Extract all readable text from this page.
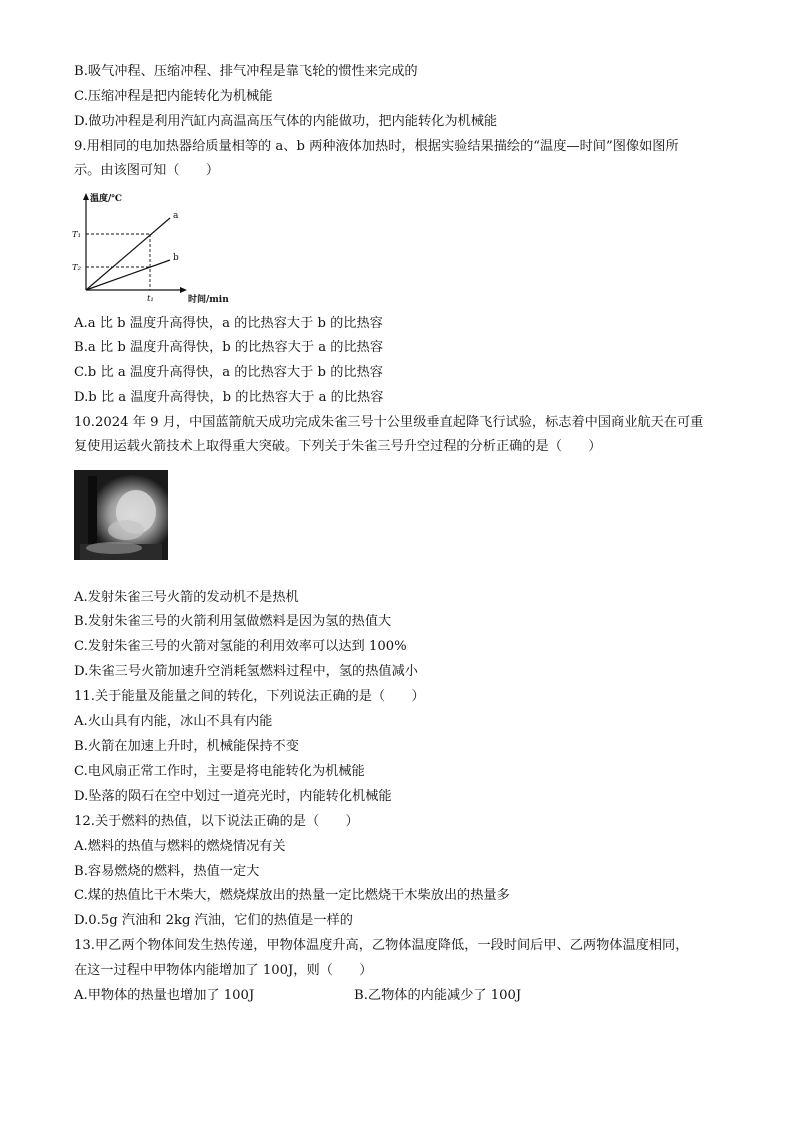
B.吸气冲程、压缩冲程、排气冲程是靠飞轮的惯性来完成的
C.压缩冲程是把内能转化为机械能
D.做功冲程是利用汽缸内高温高压气体的内能做功，把内能转化为机械能
9.用相同的电加热器给质量相等的 a、b 两种液体加热时，根据实验结果描绘的“温度—时间”图像如图所
示。由该图可知（　　）
温度/℃
时间/min
T₁
T₂
t₁
a
b
A.a 比 b 温度升高得快，a 的比热容大于 b 的比热容
B.a 比 b 温度升高得快，b 的比热容大于 a 的比热容
C.b 比 a 温度升高得快，a 的比热容大于 b 的比热容
D.b 比 a 温度升高得快，b 的比热容大于 a 的比热容
10.2024 年 9 月，中国蓝箭航天成功完成朱雀三号十公里级垂直起降飞行试验，标志着中国商业航天在可重
复使用运载火箭技术上取得重大突破。下列关于朱雀三号升空过程的分析正确的是（　　）
A.发射朱雀三号火箭的发动机不是热机
B.发射朱雀三号的火箭利用氢做燃料是因为氢的热值大
C.发射朱雀三号的火箭对氢能的利用效率可以达到 100%
D.朱雀三号火箭加速升空消耗氢燃料过程中，氢的热值减小
11.关于能量及能量之间的转化，下列说法正确的是（　　）
A.火山具有内能，冰山不具有内能
B.火箭在加速上升时，机械能保持不变
C.电风扇正常工作时，主要是将电能转化为机械能
D.坠落的陨石在空中划过一道亮光时，内能转化机械能
12.关于燃料的热值，以下说法正确的是（　　）
A.燃料的热值与燃料的燃烧情况有关
B.容易燃烧的燃料，热值一定大
C.煤的热值比干木柴大，燃烧煤放出的热量一定比燃烧干木柴放出的热量多
D.0.5g 汽油和 2kg 汽油，它们的热值是一样的
13.甲乙两个物体间发生热传递，甲物体温度升高，乙物体温度降低，一段时间后甲、乙两物体温度相同，
在这一过程中甲物体内能增加了 100J，则（　　）
A.甲物体的热量也增加了 100J	B.乙物体的内能减少了 100J
